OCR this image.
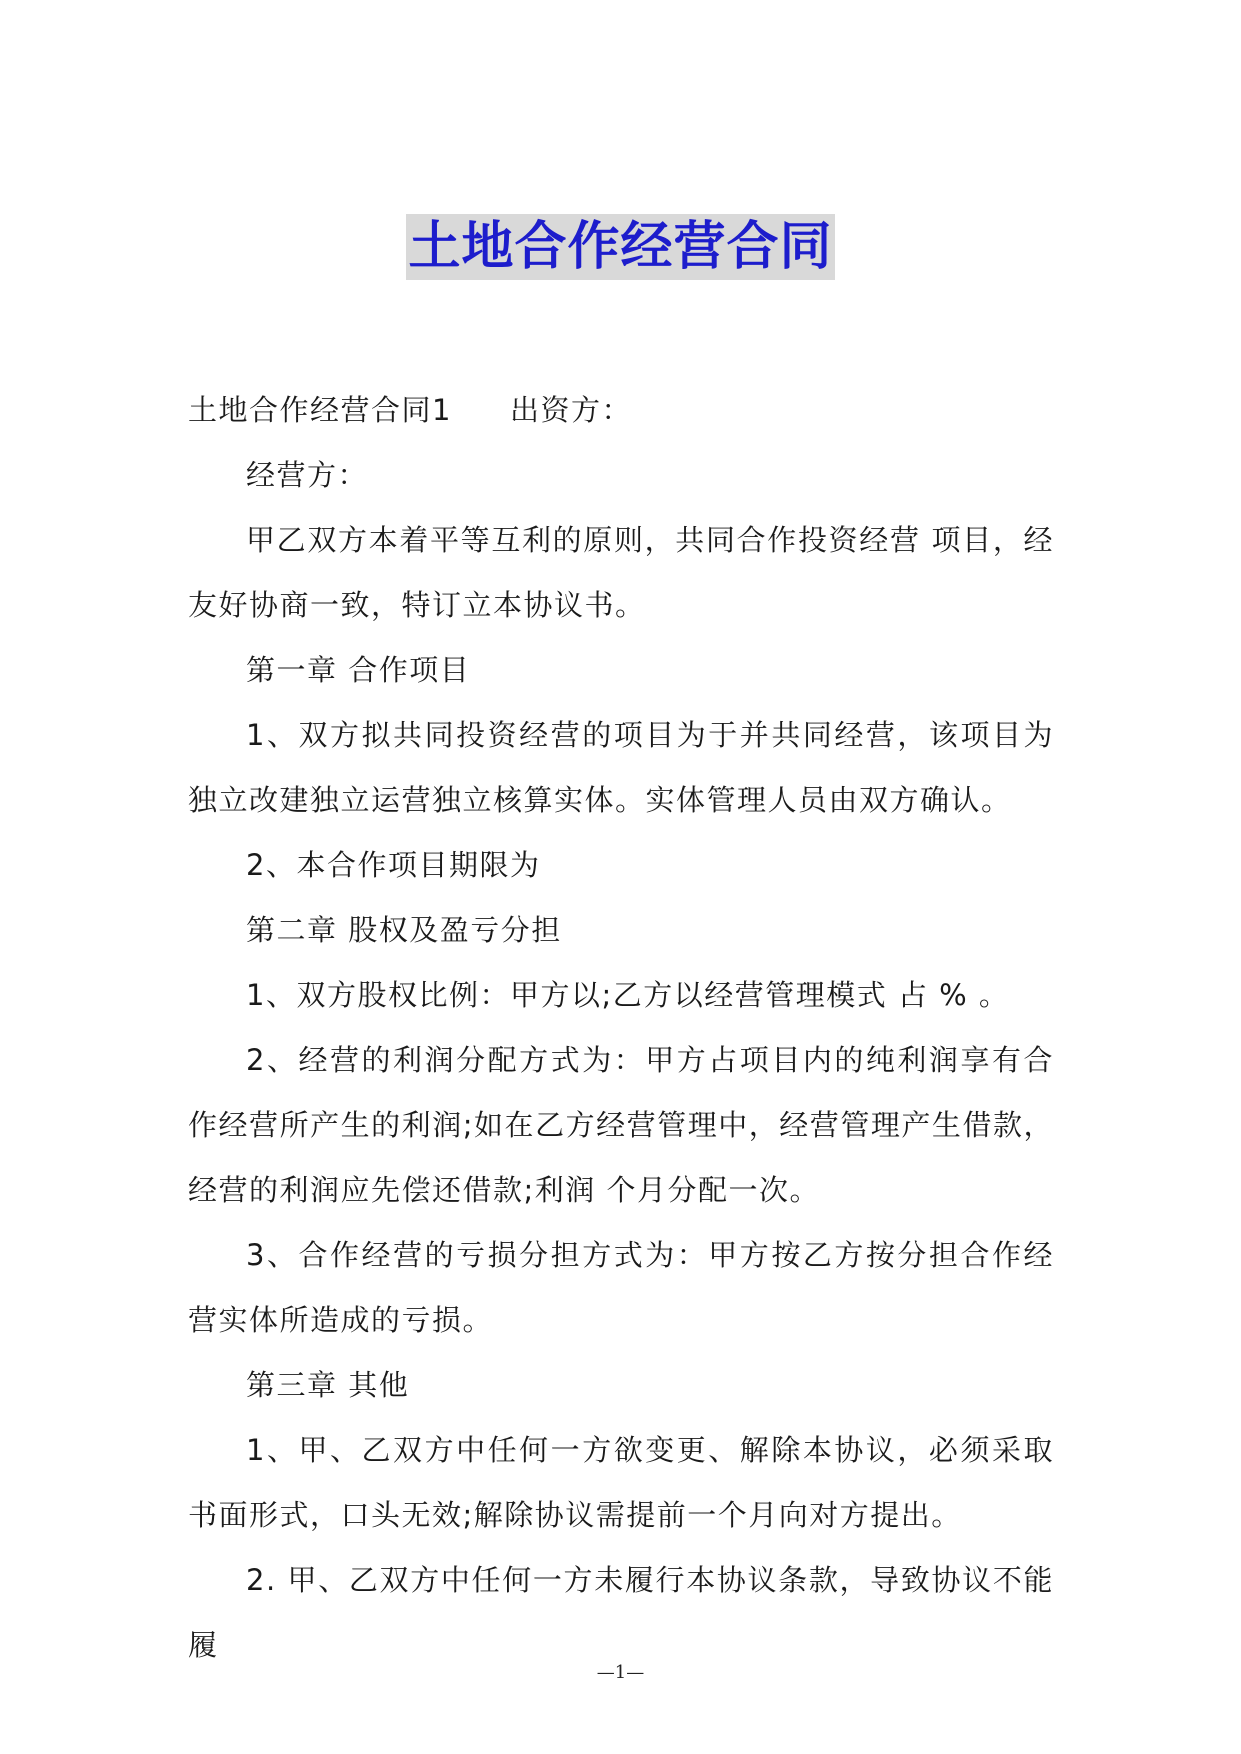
土地合作经营合同

土地合作经营合同1 出资方：

经营方：

甲乙双方本着平等互利的原则，共同合作投资经营 项目，经友好协商一致，特订立本协议书。

第一章 合作项目

1、双方拟共同投资经营的项目为于并共同经营，该项目为独立改建独立运营独立核算实体。实体管理人员由双方确认。

2、本合作项目期限为

第二章 股权及盈亏分担

1、双方股权比例：甲方以;乙方以经营管理模式 占 % 。

2、经营的利润分配方式为：甲方占项目内的纯利润享有合作经营所产生的利润;如在乙方经营管理中，经营管理产生借款，经营的利润应先偿还借款;利润 个月分配一次。

3、合作经营的亏损分担方式为：甲方按乙方按分担合作经营实体所造成的亏损。

第三章 其他

1、甲、乙双方中任何一方欲变更、解除本协议，必须采取书面形式，口头无效;解除协议需提前一个月向对方提出。

2. 甲、乙双方中任何一方未履行本协议条款，导致协议不能履

—1—
